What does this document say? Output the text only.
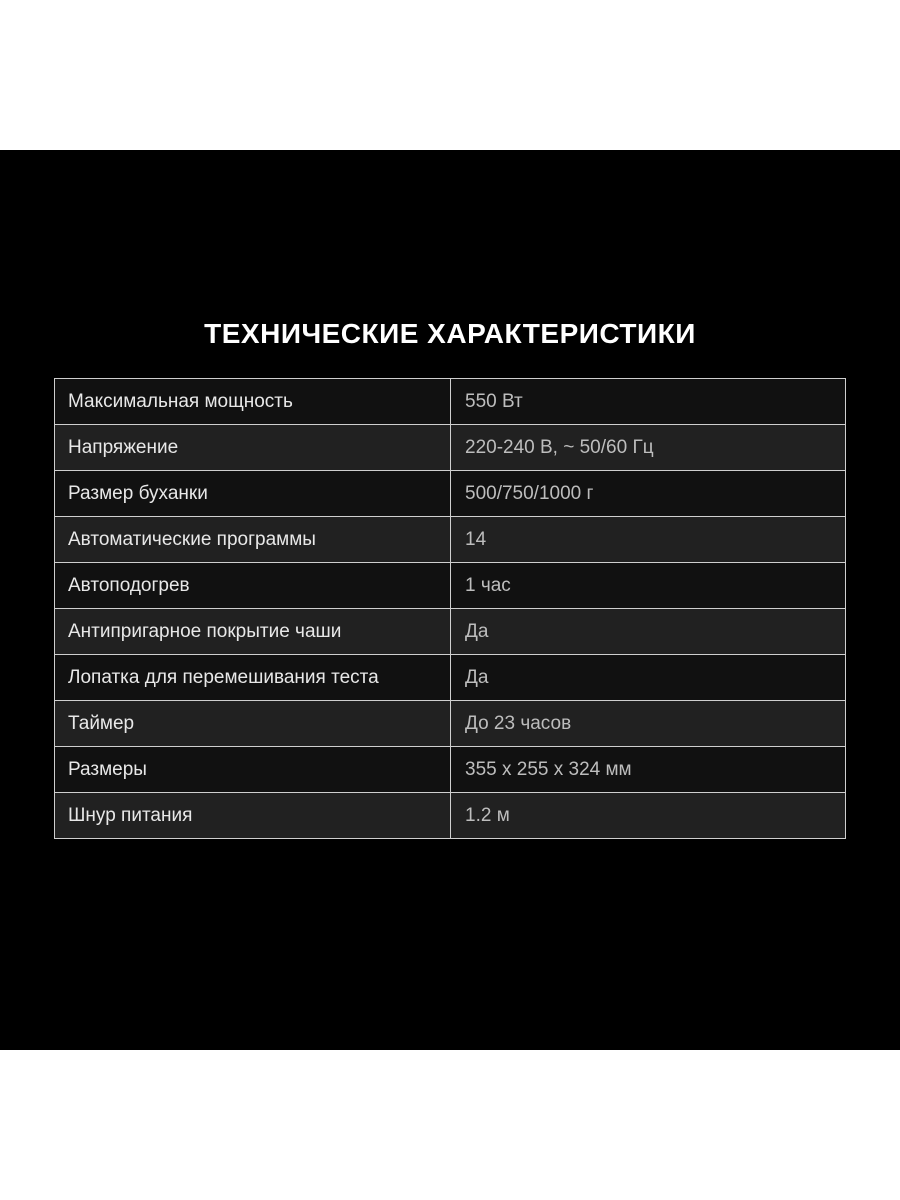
ТЕХНИЧЕСКИЕ ХАРАКТЕРИСТИКИ
Максимальная мощность	550 Вт
Напряжение	220-240 В, ~ 50/60 Гц
Размер буханки	500/750/1000 г
Автоматические программы	14
Автоподогрев	1 час
Антипригарное покрытие чаши	Да
Лопатка для перемешивания теста	Да
Таймер	До 23 часов
Размеры	355 x 255 x 324 мм
Шнур питания	1.2 м
